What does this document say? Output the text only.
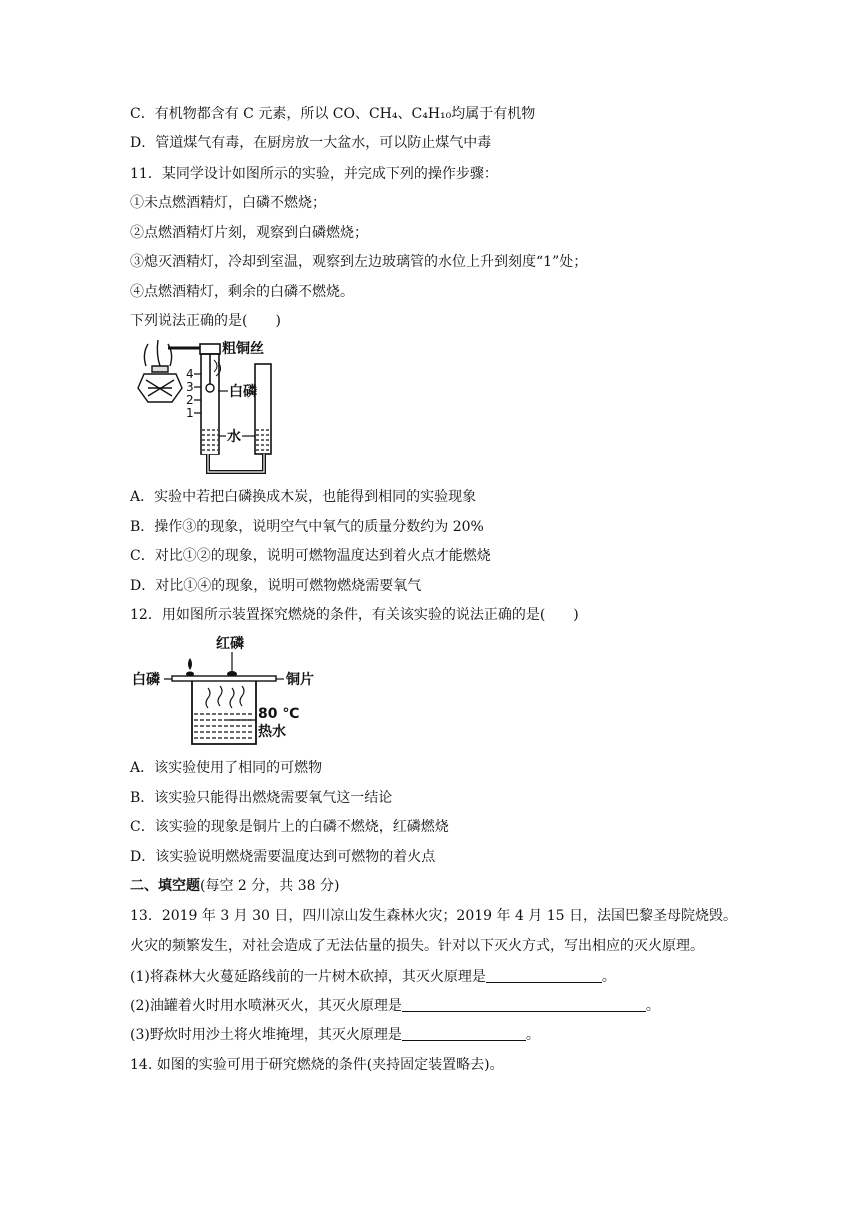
C．有机物都含有 C 元素，所以 CO、CH₄、C₄H₁₀均属于有机物
D．管道煤气有毒，在厨房放一大盆水，可以防止煤气中毒
11．某同学设计如图所示的实验，并完成下列的操作步骤：
①未点燃酒精灯，白磷不燃烧；
②点燃酒精灯片刻，观察到白磷燃烧；
③熄灭酒精灯，冷却到室温，观察到左边玻璃管的水位上升到刻度“1”处；
④点燃酒精灯，剩余的白磷不燃烧。
下列说法正确的是(　　)
粗铜丝
白磷
4
3
2
1
水
A．实验中若把白磷换成木炭，也能得到相同的实验现象
B．操作③的现象，说明空气中氧气的质量分数约为 20%
C．对比①②的现象，说明可燃物温度达到着火点才能燃烧
D．对比①④的现象，说明可燃物燃烧需要氧气
12．用如图所示装置探究燃烧的条件，有关该实验的说法正确的是(　　)
红磷
白磷	铜片
80 ℃
热水
A．该实验使用了相同的可燃物
B．该实验只能得出燃烧需要氧气这一结论
C．该实验的现象是铜片上的白磷不燃烧，红磷燃烧
D．该实验说明燃烧需要温度达到可燃物的着火点
二、填空题(每空 2 分，共 38 分)
13．2019 年 3 月 30 日，四川凉山发生森林火灾；2019 年 4 月 15 日，法国巴黎圣母院烧毁。
火灾的频繁发生，对社会造成了无法估量的损失。针对以下灭火方式，写出相应的灭火原理。
(1)将森林大火蔓延路线前的一片树木砍掉，其灭火原理是	。
(2)油罐着火时用水喷淋灭火，其灭火原理是	。
(3)野炊时用沙土将火堆掩埋，其灭火原理是	。
14. 如图的实验可用于研究燃烧的条件(夹持固定装置略去)。
